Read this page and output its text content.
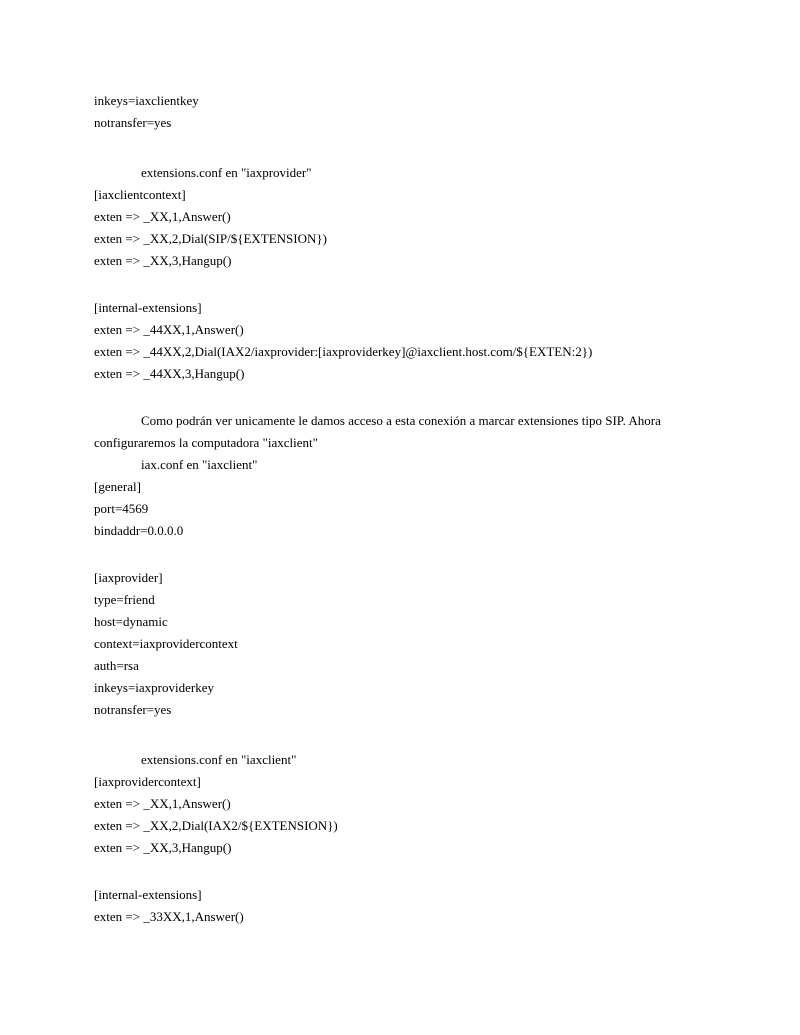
inkeys=iaxclientkey
notransfer=yes
extensions.conf en "iaxprovider"
[iaxclientcontext]
exten => _XX,1,Answer()
exten => _XX,2,Dial(SIP/${EXTENSION})
exten => _XX,3,Hangup()
[internal-extensions]
exten => _44XX,1,Answer()
exten => _44XX,2,Dial(IAX2/iaxprovider:[iaxproviderkey]@iaxclient.host.com/${EXTEN:2})
exten => _44XX,3,Hangup()
Como podrán ver unicamente le damos acceso a esta conexión a marcar extensiones tipo SIP. Ahora
configuraremos la computadora "iaxclient"
iax.conf en "iaxclient"
[general]
port=4569
bindaddr=0.0.0.0
[iaxprovider]
type=friend
host=dynamic
context=iaxprovidercontext
auth=rsa
inkeys=iaxproviderkey
notransfer=yes
extensions.conf en "iaxclient"
[iaxprovidercontext]
exten => _XX,1,Answer()
exten => _XX,2,Dial(IAX2/${EXTENSION})
exten => _XX,3,Hangup()
[internal-extensions]
exten => _33XX,1,Answer()
